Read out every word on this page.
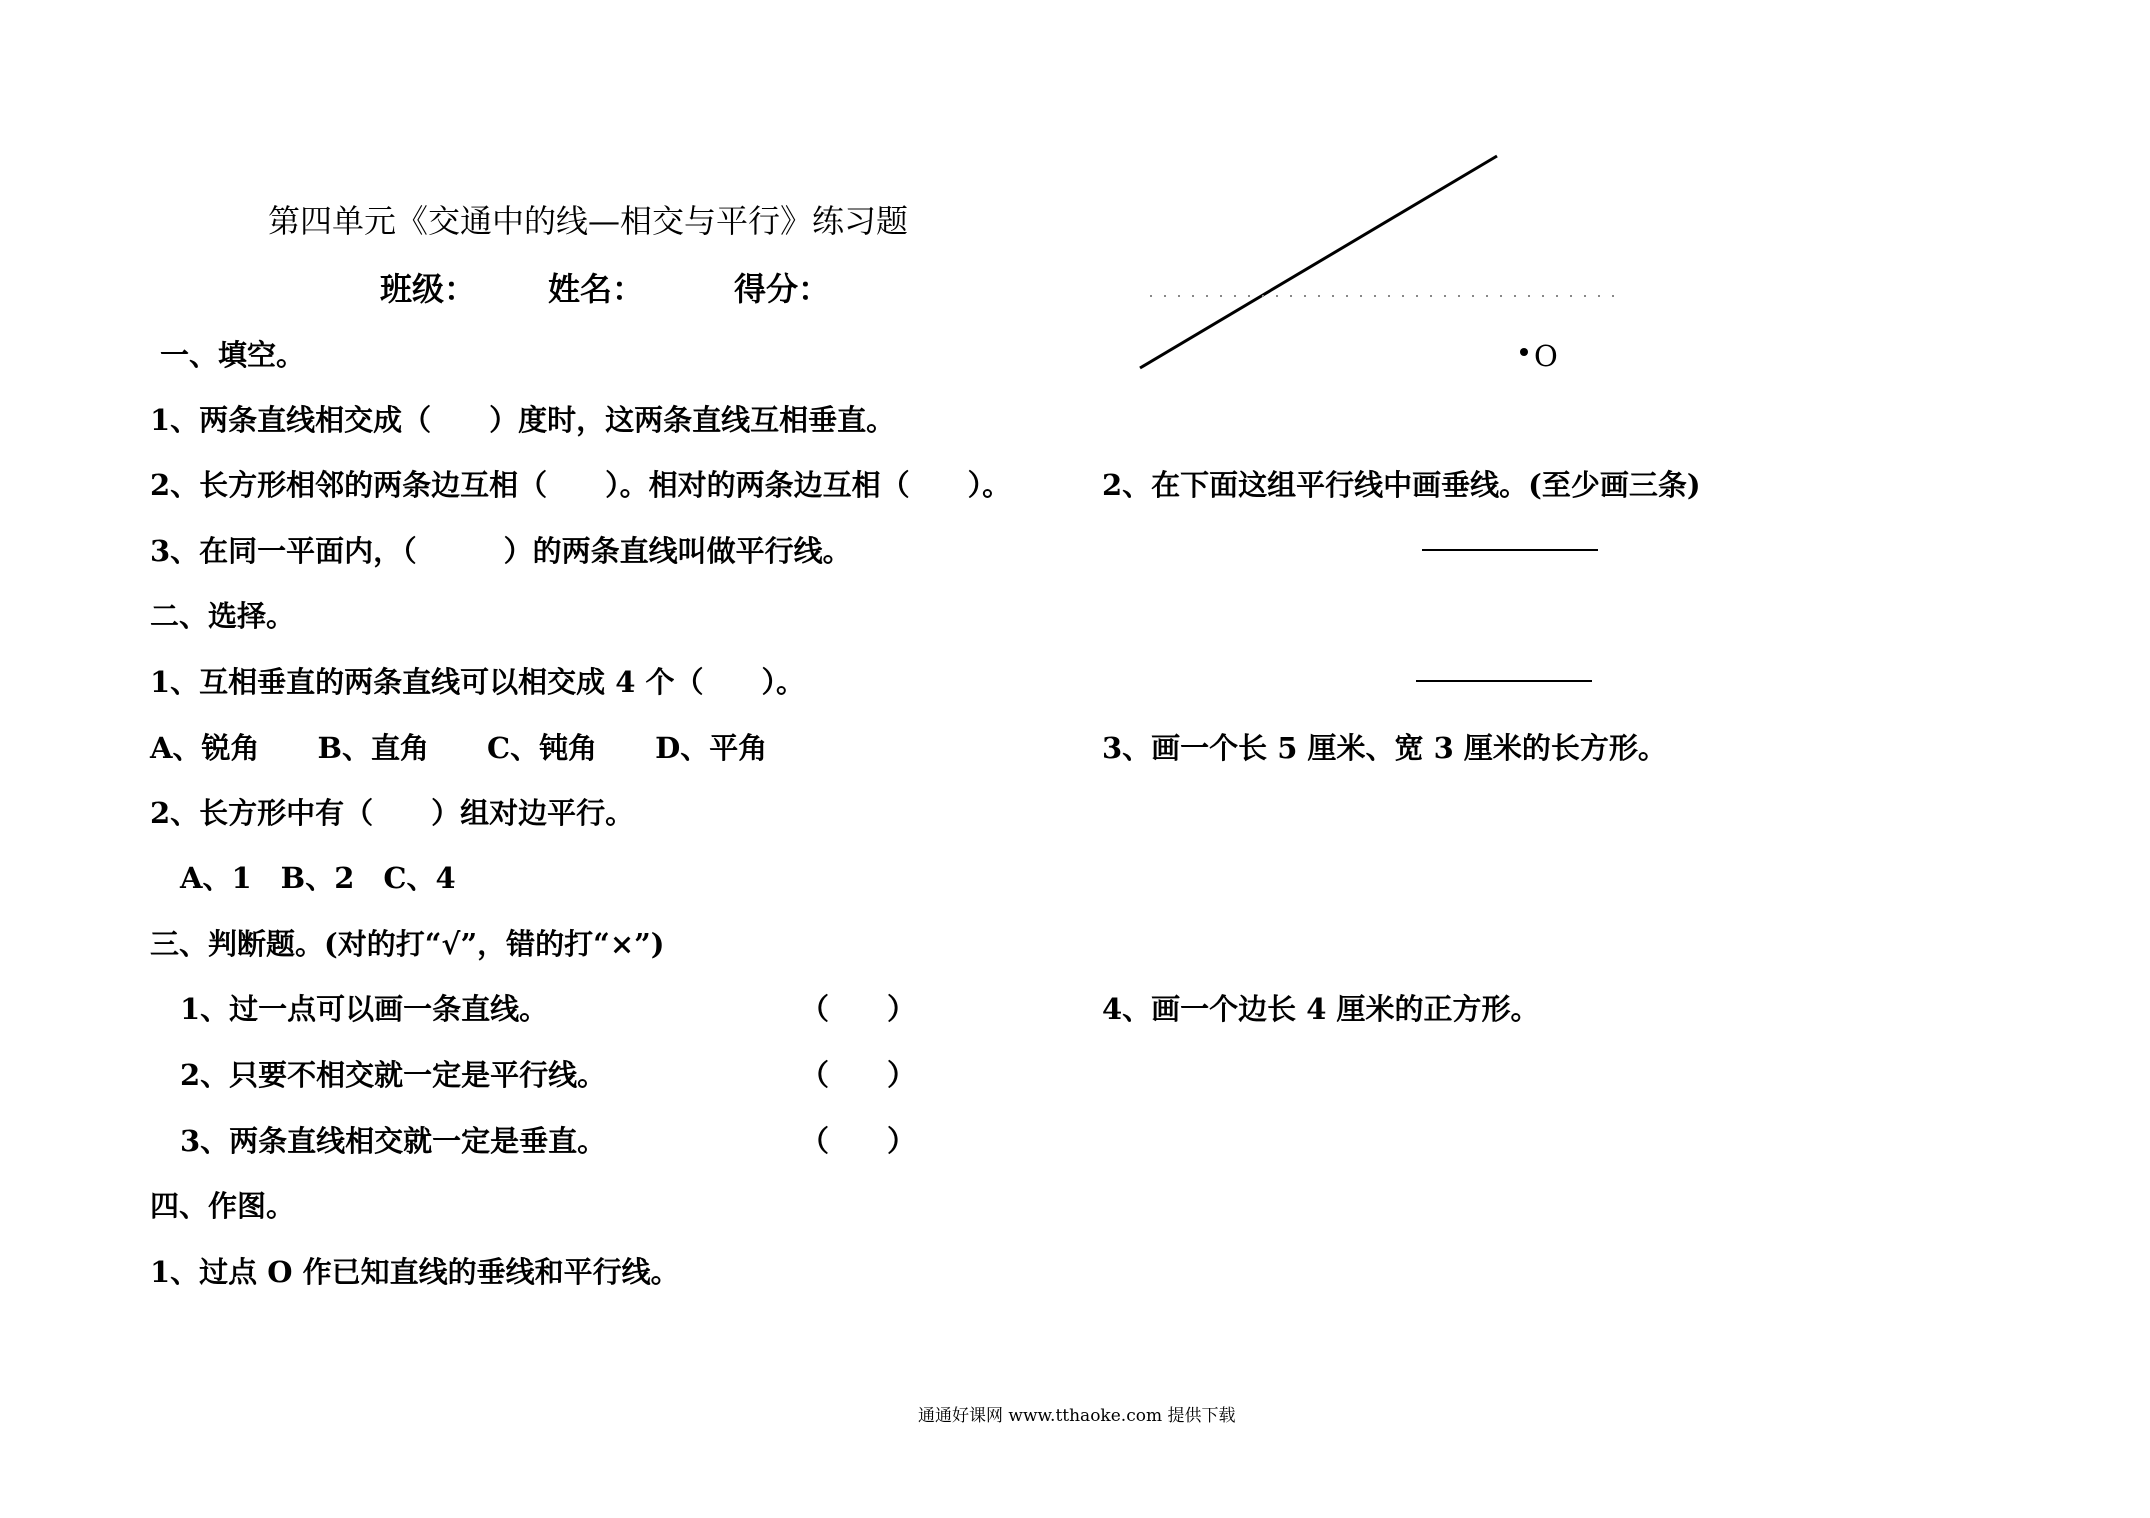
第四单元《交通中的线—相交与平行》练习题
班级： 姓名：	得分：
一、填空。
1、两条直线相交成（　　）度时，这两条直线互相垂直。
2、长方形相邻的两条边互相（　　）。相对的两条边互相（　　）。
3、在同一平面内，（　　　）的两条直线叫做平行线。
二、选择。
1、互相垂直的两条直线可以相交成 4 个（　　）。
A、锐角　　B、直角　　C、钝角　　D、平角
2、长方形中有（　　）组对边平行。
A、1　B、2　C、4
三、判断题。(对的打“√”，错的打“×”)
1、过一点可以画一条直线。	（　　）
2、只要不相交就一定是平行线。	（　　）
3、两条直线相交就一定是垂直。	（　　）
四、作图。
1、过点 O 作已知直线的垂线和平行线。
2、在下面这组平行线中画垂线。(至少画三条)
3、画一个长 5 厘米、宽 3 厘米的长方形。
4、画一个边长 4 厘米的正方形。
O
通通好课网 www.tthaoke.com 提供下载
